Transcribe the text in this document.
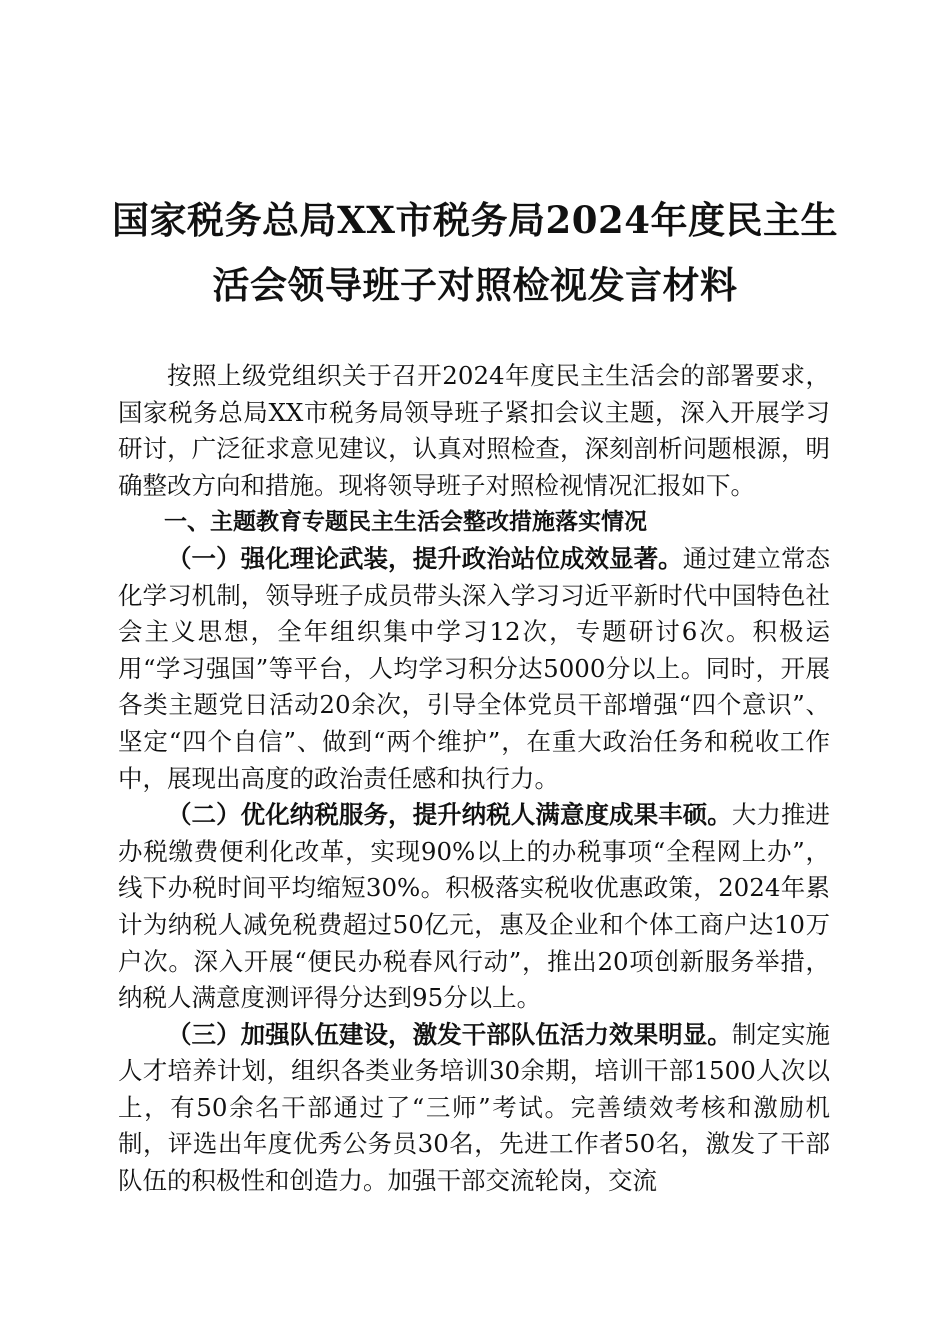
国家税务总局XX市税务局2024年度民主生
活会领导班子对照检视发言材料

按照上级党组织关于召开2024年度民主生活会的部署要求，国家税务总局XX市税务局领导班子紧扣会议主题，深入开展学习研讨，广泛征求意见建议，认真对照检查，深刻剖析问题根源，明确整改方向和措施。现将领导班子对照检视情况汇报如下。

一、主题教育专题民主生活会整改措施落实情况

（一）强化理论武装，提升政治站位成效显著。通过建立常态化学习机制，领导班子成员带头深入学习习近平新时代中国特色社会主义思想，全年组织集中学习12次，专题研讨6次。积极运用“学习强国”等平台，人均学习积分达5000分以上。同时，开展各类主题党日活动20余次，引导全体党员干部增强“四个意识”、坚定“四个自信”、做到“两个维护”，在重大政治任务和税收工作中，展现出高度的政治责任感和执行力。

（二）优化纳税服务，提升纳税人满意度成果丰硕。大力推进办税缴费便利化改革，实现90%以上的办税事项“全程网上办”，线下办税时间平均缩短30%。积极落实税收优惠政策，2024年累计为纳税人减免税费超过50亿元，惠及企业和个体工商户达10万户次。深入开展“便民办税春风行动”，推出20项创新服务举措，纳税人满意度测评得分达到95分以上。

（三）加强队伍建设，激发干部队伍活力效果明显。制定实施人才培养计划，组织各类业务培训30余期，培训干部1500人次以上，有50余名干部通过了“三师”考试。完善绩效考核和激励机制，评选出年度优秀公务员30名，先进工作者50名，激发了干部队伍的积极性和创造力。加强干部交流轮岗，交流
